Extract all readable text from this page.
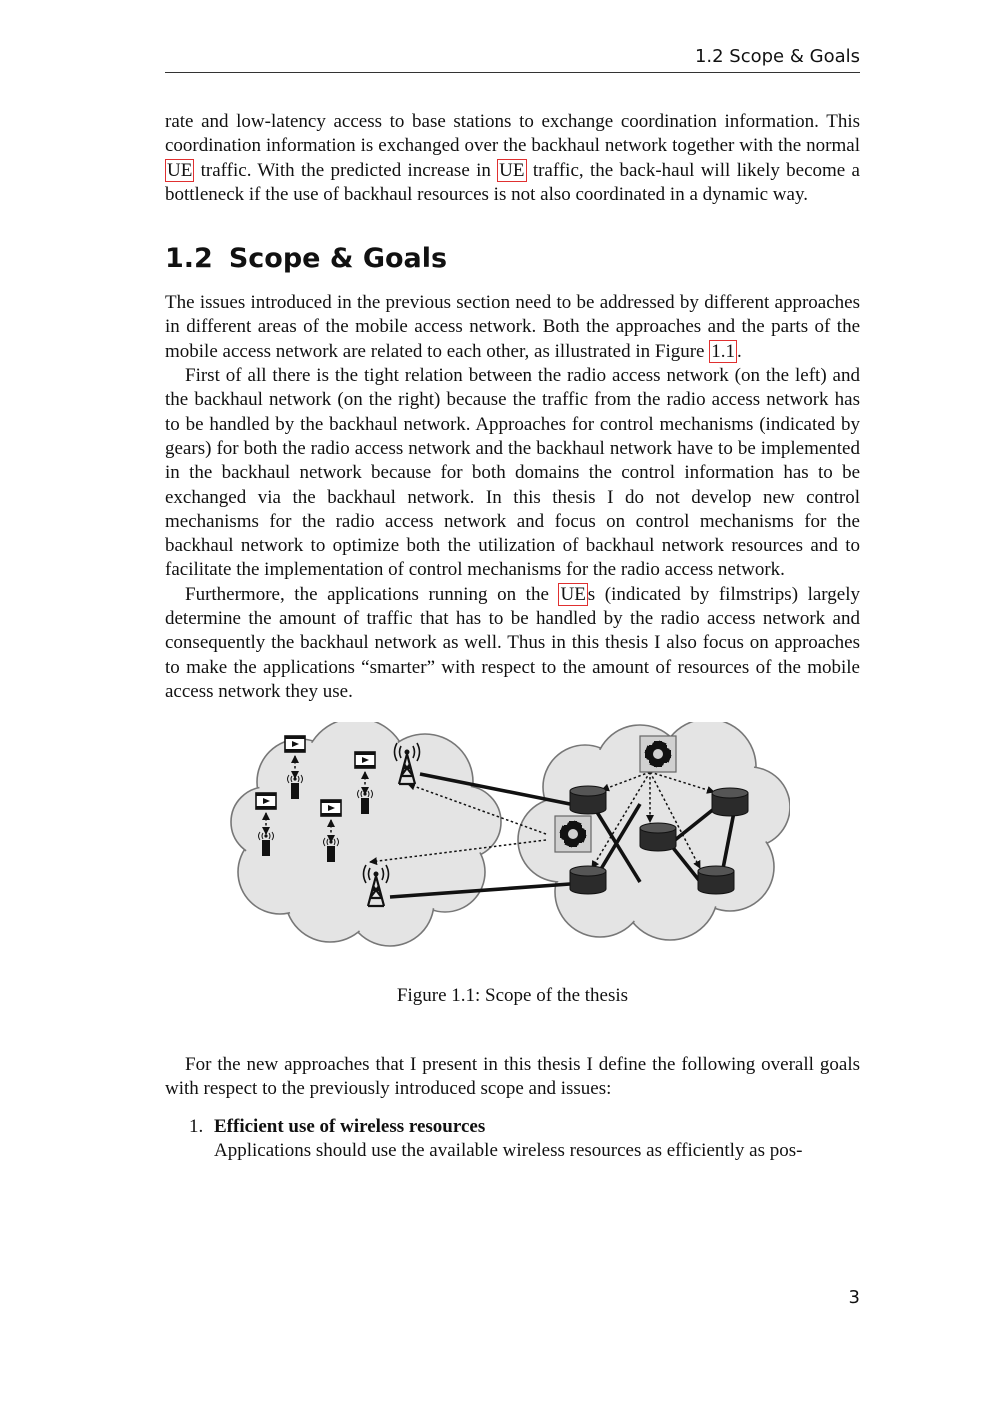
1.2 Scope & Goals

rate and low-latency access to base stations to exchange coordination information. This coordination information is exchanged over the backhaul network together with the normal UE traffic. With the predicted increase in UE traffic, the back-haul will likely become a bottleneck if the use of backhaul resources is not also coordinated in a dynamic way.

1.2 Scope & Goals

The issues introduced in the previous section need to be addressed by different approaches in different areas of the mobile access network. Both the approaches and the parts of the mobile access network are related to each other, as illustrated in Figure 1.1 .

First of all there is the tight relation between the radio access network (on the left) and the backhaul network (on the right) because the traffic from the radio access network has to be handled by the backhaul network. Approaches for control mechanisms (indicated by gears) for both the radio access network and the backhaul network have to be implemented in the backhaul network because for both domains the control information has to be exchanged via the backhaul network. In this thesis I do not develop new control mechanisms for the radio access network and focus on control mechanisms for the backhaul network to optimize both the utilization of backhaul network resources and to facilitate the implementation of control mechanisms for the radio access network.

Furthermore, the applications running on the UE s (indicated by filmstrips) largely determine the amount of traffic that has to be handled by the radio access network and consequently the backhaul network as well. Thus in this thesis I also focus on approaches to make the applications “smarter” with respect to the amount of resources of the mobile access network they use.

Figure 1.1: Scope of the thesis

For the new approaches that I present in this thesis I define the following overall goals with respect to the previously introduced scope and issues:

1. Efficient use of wireless resources
Applications should use the available wireless resources as efficiently as pos-
3
